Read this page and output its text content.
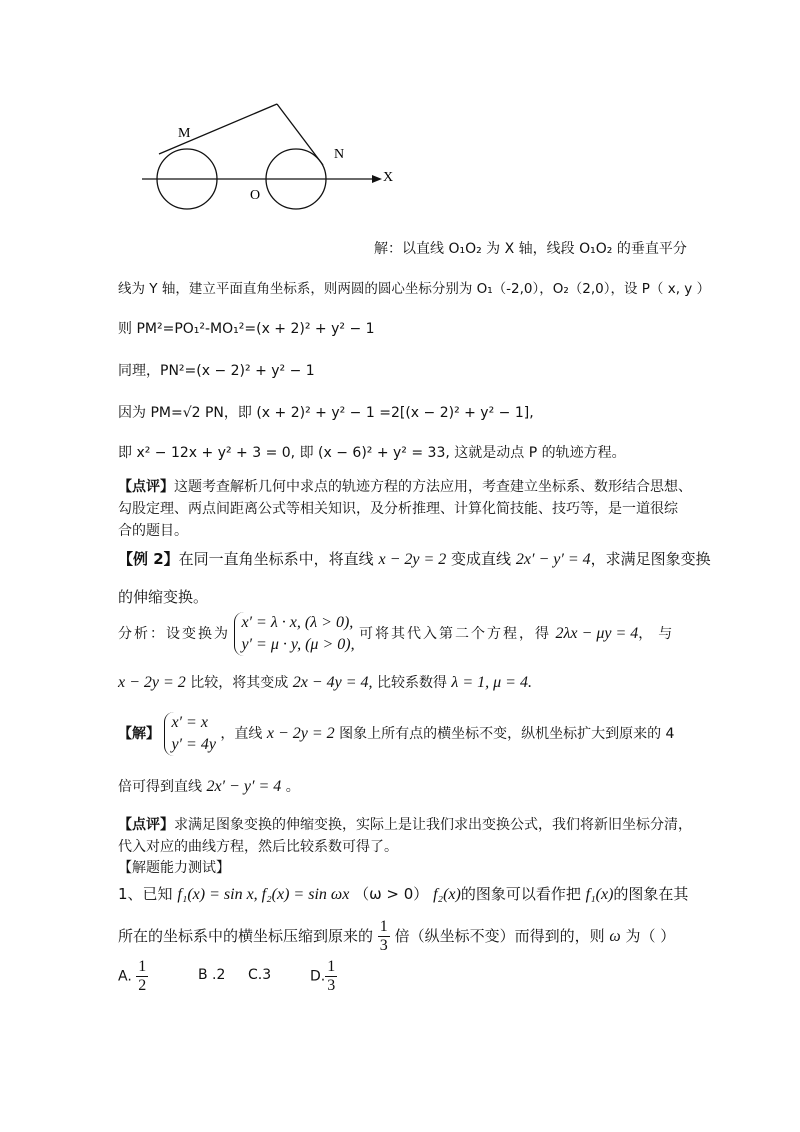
M
N
X
O
解：以直线 O₁O₂ 为 X 轴，线段 O₁O₂ 的垂直平分
线为 Y 轴，建立平面直角坐标系，则两圆的圆心坐标分别为 O₁（-2,0），O₂（2,0），设 P（ x, y ）
则 PM²=PO₁²-MO₁²=(x + 2)² + y² − 1
同理，PN²=(x − 2)² + y² − 1
因为 PM=√2 PN，即 (x + 2)² + y² − 1 =2[(x − 2)² + y² − 1],
即 x² − 12x + y² + 3 = 0, 即 (x − 6)² + y² = 33, 这就是动点 P 的轨迹方程。
【点评】这题考查解析几何中求点的轨迹方程的方法应用，考查建立坐标系、数形结合思想、
勾股定理、两点间距离公式等相关知识，及分析推理、计算化简技能、技巧等，是一道很综
合的题目。
【例 2】在同一直角坐标系中，将直线 x − 2y = 2 变成直线 2x′ − y′ = 4，求满足图象变换
的伸缩变换。
分析：设变换为 x′ = λ · x, (λ > 0),
y′ = μ · y, (μ > 0), 可将其代入第二个方程，得 2λx − μy = 4，与
x − 2y = 2 比较，将其变成 2x − 4y = 4, 比较系数得 λ = 1, μ = 4.
【解】 x′ = x
y′ = 4y ，直线 x − 2y = 2 图象上所有点的横坐标不变，纵机坐标扩大到原来的 4
倍可得到直线 2x′ − y′ = 4 。
【点评】求满足图象变换的伸缩变换，实际上是让我们求出变换公式，我们将新旧坐标分清，
代入对应的曲线方程，然后比较系数可得了。
【解题能力测试】
1、已知 f₁(x) = sin x, f₂(x) = sin ωx （ω > 0） f₂(x)的图象可以看作把 f₁(x)的图象在其
所在的坐标系中的横坐标压缩到原来的 $\frac{1}{3}$ 倍（纵坐标不变）而得到的，则 ω 为（ ）
A. $\frac{1}{2}$	B .2 C.3	D. $\frac{1}{3}$
